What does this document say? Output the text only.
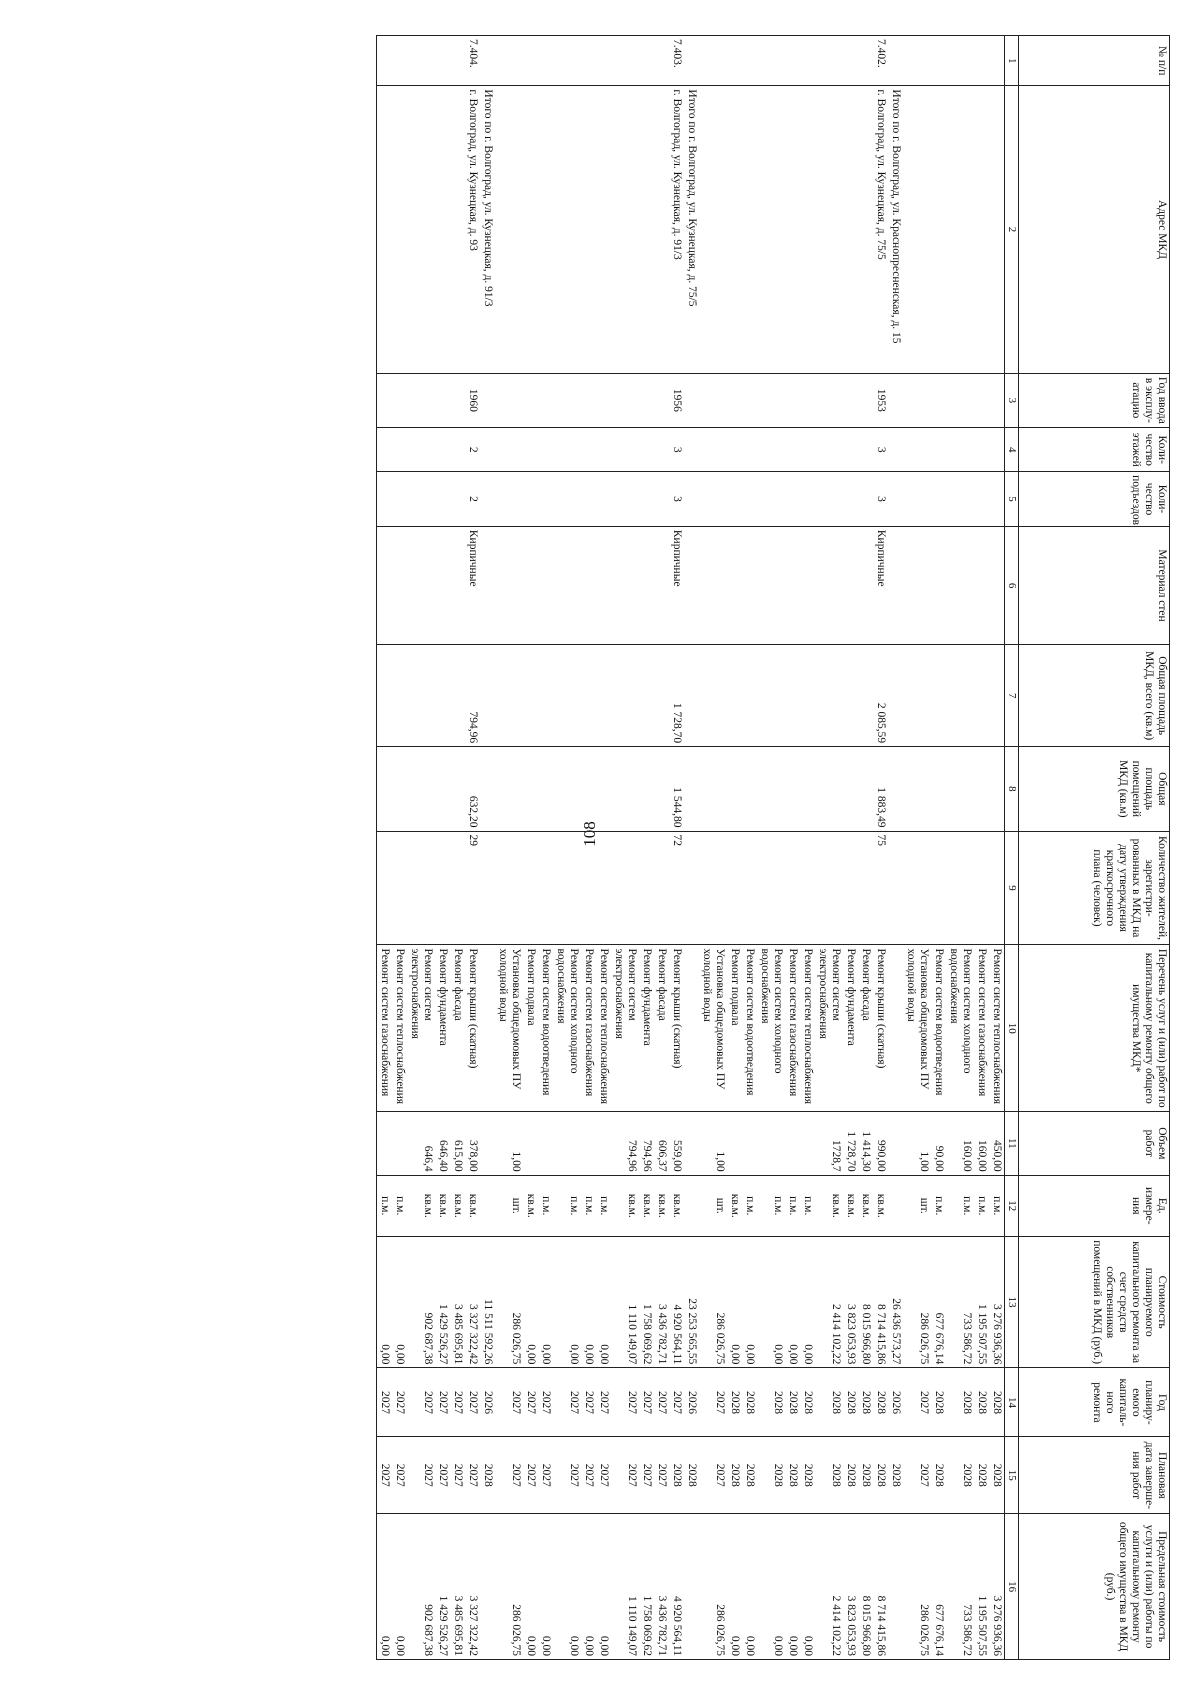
108
№ п/п	Адрес МКД	Год ввода в эксплу- атацию	Коли- чество этажей	Коли- чество подъездов	Материал стен	Общая площадь МКД, всего (кв.м)	Общая площадь помещений МКД (кв.м)	Количество жителей, зарегистри- рованных в МКД на дату утверждения краткосрочного плана (человек)	Перечень услуг и (или) работ по капитальному ремонту общего имущества МКД*	Объем работ	Ед. измере- ния	Стоимость планируемого капитального ремонта за счет средств собственников помещений в МКД (руб.)	Год планиру- емого капиталь- ного ремонта	Плановая дата заверше- ния работ	Предельная стоимость услуги и (или) работы по капитальному ремонту общего имущества в МКД (руб.)
1	2	3	4	5	6	7	8	9	10	11	12	13	14	15	16
									Ремонт систем теплоснабжения	450,00	п.м.	3 276 936,36	2028	2028	3 276 936,36
									Ремонт систем газоснабжения	160,00	п.м.	1 195 507,55	2028	2028	1 195 507,55
									Ремонт систем холодного водоснабжения	160,00	п.м.	733 586,72	2028	2028	733 586,72
									Ремонт систем водоотведения	90,00	п.м.	677 676,14	2028	2028	677 676,14
									Установка общедомовых ПУ холодной воды	1,00	шт.	286 026,75	2027	2027	286 026,75
	Итого по г. Волгоград, ул. Краснопресненская, д. 15											26 436 573,27	2026	2028	
7.402.	г. Волгоград, ул. Кузнецкая, д. 75/5	1953	3	3	Кирпичные	2 085,59	1 883,49	75	Ремонт крыши (скатная)	990,00	кв.м.	8 714 415,86	2028	2028	8 714 415,86
									Ремонт фасада	1 414,30	кв.м.	8 015 966,80	2028	2028	8 015 966,80
									Ремонт фундамента	1 728,70	кв.м.	3 823 053,93	2028	2028	3 823 053,93
									Ремонт систем электроснабжения	1728,7	кв.м.	2 414 102,22	2028	2028	2 414 102,22
									Ремонт систем теплоснабжения		п.м.	0,00	2028	2028	0,00
									Ремонт систем газоснабжения		п.м.	0,00	2028	2028	0,00
									Ремонт систем холодного водоснабжения		п.м.	0,00	2028	2028	0,00
									Ремонт систем водоотведения		п.м.	0,00	2028	2028	0,00
									Ремонт подвала		кв.м.	0,00	2028	2028	0,00
									Установка общедомовых ПУ холодной воды	1,00	шт.	286 026,75	2027	2027	286 026,75
	Итого по г. Волгоград, ул. Кузнецкая, д. 75/5											23 253 565,55	2026	2028	
7.403.	г. Волгоград, ул. Кузнецкая, д. 91/3	1956	3	3	Кирпичные	1 728,70	1 544,80	72	Ремонт крыши (скатная)	559,00	кв.м.	4 920 564,11	2027	2028	4 920 564,11
									Ремонт фасада	606,37	кв.м.	3 436 782,71	2027	2027	3 436 782,71
									Ремонт фундамента	794,96	кв.м.	1 758 069,62	2027	2027	1 758 069,62
									Ремонт систем электроснабжения	794,96	кв.м.	1 110 149,07	2027	2027	1 110 149,07
									Ремонт систем теплоснабжения		п.м.	0,00	2027	2027	0,00
									Ремонт систем газоснабжения		п.м.	0,00	2027	2027	0,00
									Ремонт систем холодного водоснабжения		п.м.	0,00	2027	2027	0,00
									Ремонт систем водоотведения		п.м.	0,00	2027	2027	0,00
									Ремонт подвала		кв.м.	0,00	2027	2027	0,00
									Установка общедомовых ПУ холодной воды	1,00	шт.	286 026,75	2027	2027	286 026,75
	Итого по г. Волгоград, ул. Кузнецкая, д. 91/3											11 511 592,26	2026	2028	
7.404.	г. Волгоград, ул. Кузнецкая, д. 93	1960	2	2	Кирпичные	794,96	632,20	29	Ремонт крыши (скатная)	378,00	кв.м.	3 327 322,42	2027	2027	3 327 322,42
									Ремонт фасада	615,00	кв.м.	3 485 695,81	2027	2027	3 485 695,81
									Ремонт фундамента	646,40	кв.м.	1 429 526,27	2027	2027	1 429 526,27
									Ремонт систем электроснабжения	646,4	кв.м.	902 687,38	2027	2027	902 687,38
									Ремонт систем теплоснабжения		п.м.	0,00	2027	2027	0,00
									Ремонт систем газоснабжения		п.м.	0,00	2027	2027	0,00
